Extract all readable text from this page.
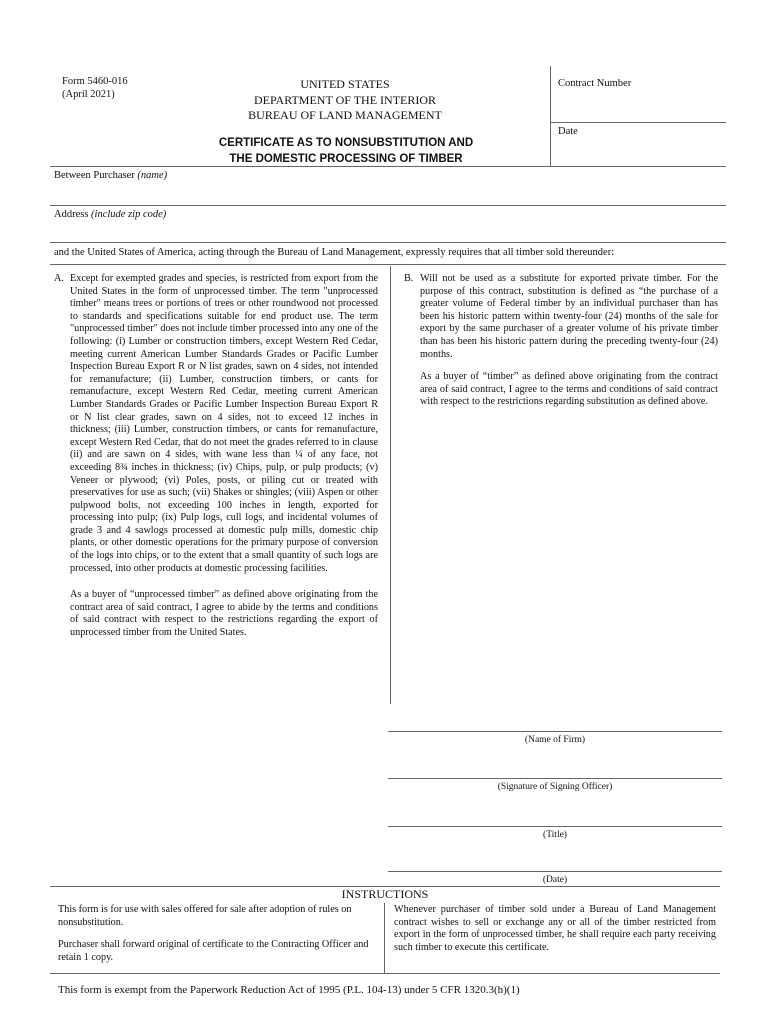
Form 5460-016
(April 2021)
UNITED STATES
DEPARTMENT OF THE INTERIOR
BUREAU OF LAND MANAGEMENT
CERTIFICATE AS TO NONSUBSTITUTION AND
THE DOMESTIC PROCESSING OF TIMBER
Contract Number
Date
Between Purchaser (name)
Address (include zip code)
and the United States of America, acting through the Bureau of Land Management, expressly requires that all timber sold thereunder:

A. Except for exempted grades and species, is restricted from export from the United States in the form of unprocessed timber. The term "unprocessed timber" means trees or portions of trees or other roundwood not processed to standards and specifications suitable for end product use. The term "unprocessed timber" does not include timber processed into any one of the following: (i) Lumber or construction timbers, except Western Red Cedar, meeting current American Lumber Standards Grades or Pacific Lumber Inspection Bureau Export R or N list grades, sawn on 4 sides, not intended for remanufacture; (ii) Lumber, construction timbers, or cants for remanufacture, except Western Red Cedar, meeting current American Lumber Standards Grades or Pacific Lumber Inspection Bureau Export R or N list clear grades, sawn on 4 sides, not to exceed 12 inches in thickness; (iii) Lumber, construction timbers, or cants for remanufacture, except Western Red Cedar, that do not meet the grades referred to in clause (ii) and are sawn on 4 sides, with wane less than ¼ of any face, not exceeding 8¾ inches in thickness; (iv) Chips, pulp, or pulp products; (v) Veneer or plywood; (vi) Poles, posts, or piling cut or treated with preservatives for use as such; (vii) Shakes or shingles; (viii) Aspen or other pulpwood bolts, not exceeding 100 inches in length, exported for processing into pulp; (ix) Pulp logs, cull logs, and incidental volumes of grade 3 and 4 sawlogs processed at domestic pulp mills, domestic chip plants, or other domestic operations for the primary purpose of conversion of the logs into chips, or to the extent that a small quantity of such logs are processed, into other products at domestic processing facilities.

As a buyer of “unprocessed timber” as defined above originating from the contract area of said contract, I agree to abide by the terms and conditions of said contract with respect to the restrictions regarding the export of unprocessed timber from the United States.

B. Will not be used as a substitute for exported private timber. For the purpose of this contract, substitution is defined as “the purchase of a greater volume of Federal timber by an individual purchaser than has been his historic pattern within twenty-four (24) months of the sale for export by the same purchaser of a greater volume of his private timber than has been his historic pattern during the preceding twenty-four (24) months.

As a buyer of “timber” as defined above originating from the contract area of said contract, I agree to the terms and conditions of said contract with respect to the restrictions regarding substitution as defined above.

(Name of Firm)
(Signature of Signing Officer)
(Title)
(Date)
INSTRUCTIONS
This form is for use with sales offered for sale after adoption of rules on nonsubstitution.
Purchaser shall forward original of certificate to the Contracting Officer and retain 1 copy.
Whenever purchaser of timber sold under a Bureau of Land Management contract wishes to sell or exchange any or all of the timber restricted from export in the form of unprocessed timber, he shall require each party receiving such timber to execute this certificate.
This form is exempt from the Paperwork Reduction Act of 1995 (P.L. 104-13) under 5 CFR 1320.3(h)(1)
